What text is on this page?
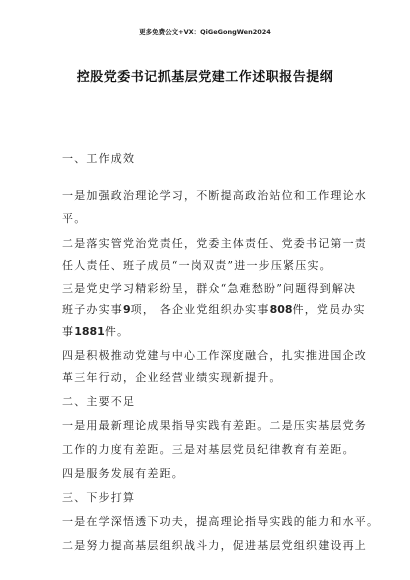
更多免费公文+VX：QiGeGongWen2024
控股党委书记抓基层党建工作述职报告提纲
一、工作成效
一是加强政治理论学习，不断提高政治站位和工作理论水
平。
二是落实管党治党责任，党委主体责任、党委书记第一责
任人责任、班子成员“一岗双责”进一步压紧压实。
三是党史学习精彩纷呈，群众“急难愁盼”问题得到解决
班子办实事9项， 各企业党组织办实事808件，党员办实
事1881件。
四是积极推动党建与中心工作深度融合，扎实推进国企改
革三年行动，企业经营业绩实现新提升。
二、主要不足
一是用最新理论成果指导实践有差距。二是压实基层党务
工作的力度有差距。三是对基层党员纪律教育有差距。
四是服务发展有差距。
三、下步打算
一是在学深悟透下功夫，提高理论指导实践的能力和水平。
二是努力提高基层组织战斗力，促进基层党组织建设再上
